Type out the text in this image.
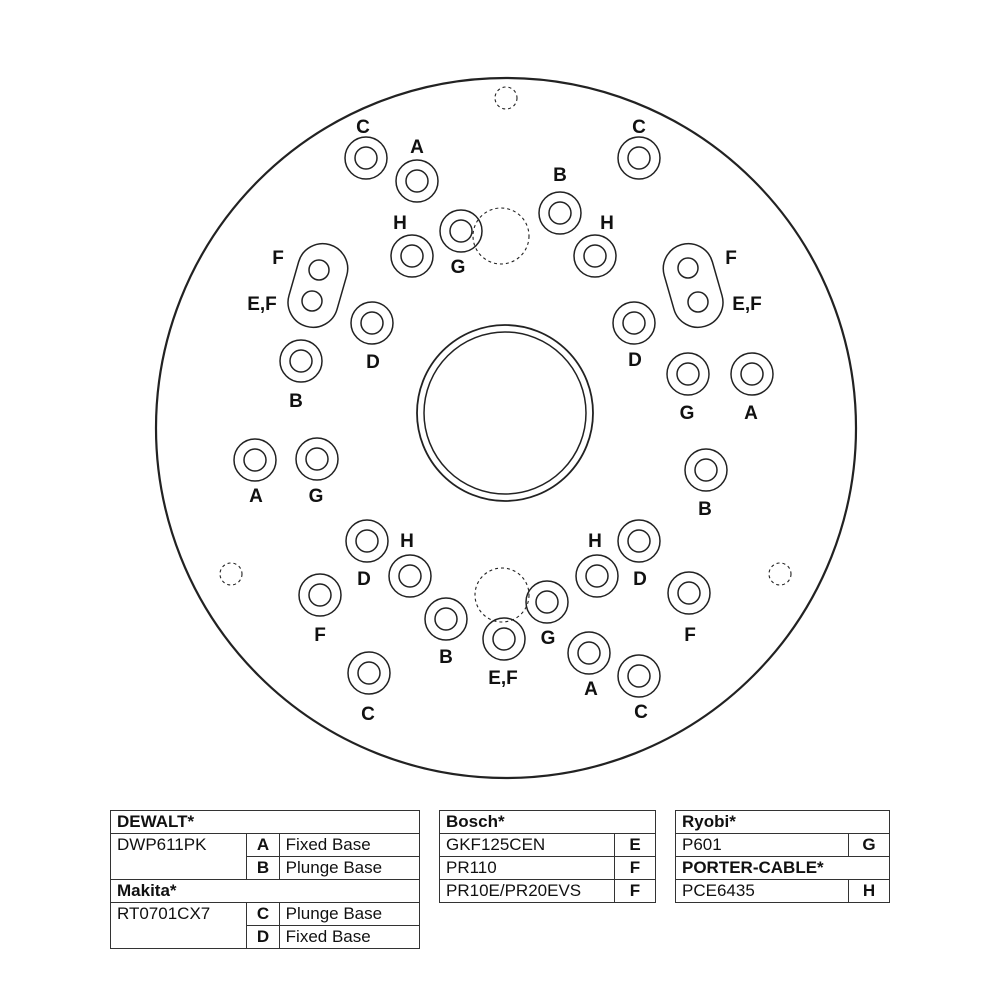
C
A
C
B
H	H
G
F
E,F
F
E,F
D	D
B
G	A
A G
B
H	H
D	D
F	F
G
B
E,F
A
C	C
DEWALT*		
DWP611PK	A	Fixed Base
	B	Plunge Base
Makita*		
RT0701CX7	C	Plunge Base
	D	Fixed Base
Bosch*	
GKF125CEN	E
PR110	F
PR10E/PR20EVS	F
Ryobi*	
P601	G
PORTER-CABLE*	
PCE6435	H
